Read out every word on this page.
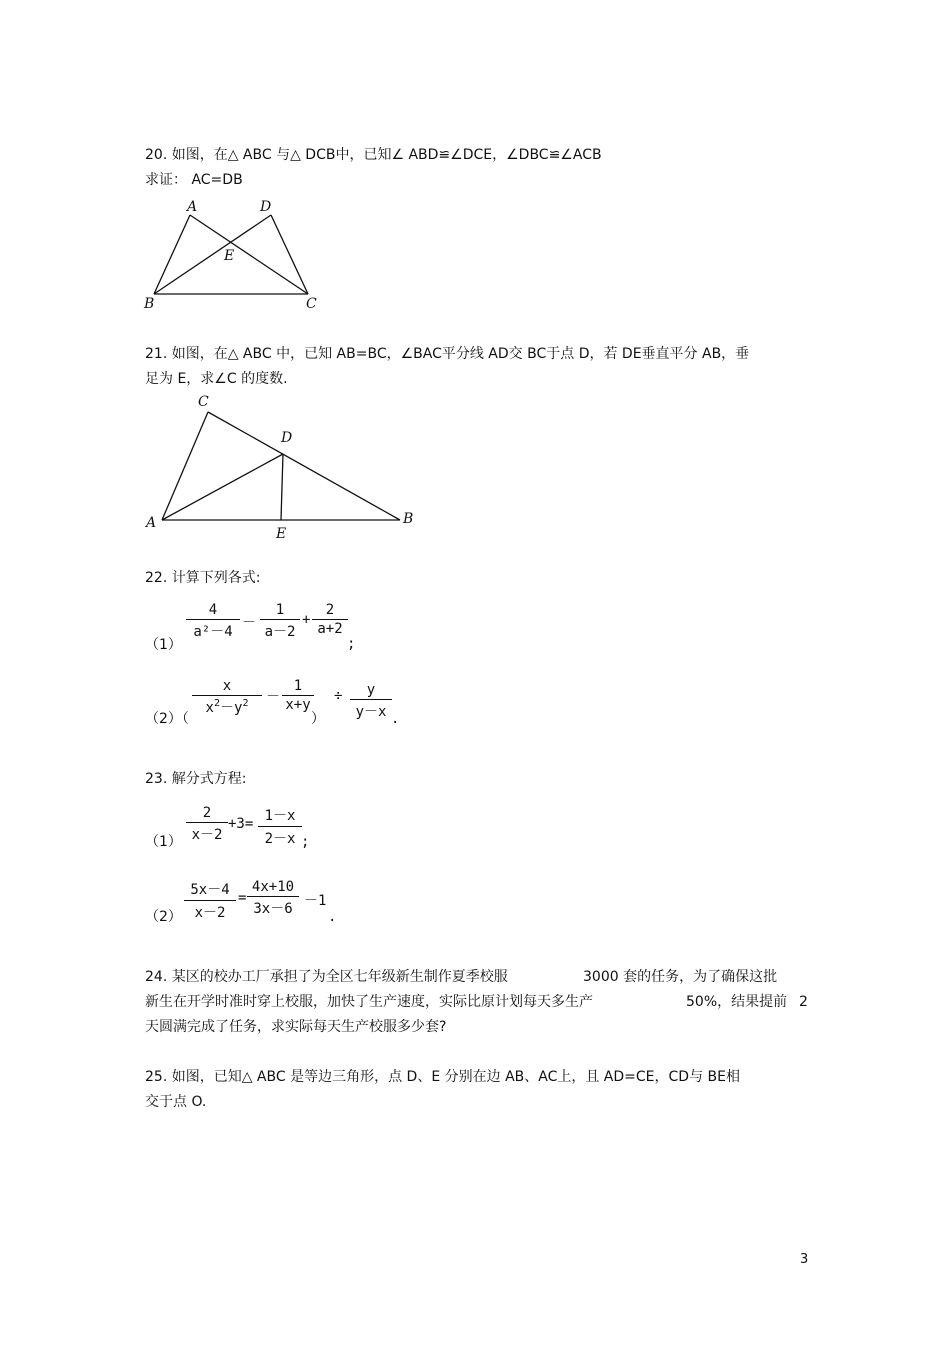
20. 如图，在△ ABC 与△ DCB中，已知∠ ABD≌∠DCE，∠DBC≌∠ACB
求证： AC=DB
A	D
E
B	C
21. 如图，在△ ABC 中，已知 AB=BC，∠BAC平分线 AD交 BC于点 D，若 DE垂直平分 AB，垂
足为 E，求∠C 的度数.
C
D
A
E
B
22. 计算下列各式:
（1）
$\frac{4}{\text{a²－4}} - \frac{1}{a-2} + \frac{2}{a+2}$
;
（2）（
$\frac{x}{x^2-y^2} - \frac{1}{x+y}$
）
÷ $\frac{y}{y-x}$ .
23. 解分式方程:
$(1) \frac{2}{x-2} +3= \frac{1-x}{2-x}$ ;
$(2) \frac{5x-4}{x-2} = \frac{4x+10}{3x-6} -1$
.
24. 某区的校办工厂承担了为全区七年级新生制作夏季校服	3000 套的任务，为了确保这批
新生在开学时准时穿上校服，加快了生产速度，实际比原计划每天多生产	50%，结果提前 2
天圆满完成了任务，求实际每天生产校服多少套?
25. 如图，已知△ ABC 是等边三角形，点 D、E 分别在边 AB、AC上，且 AD=CE，CD与 BE相
交于点 O.
3
